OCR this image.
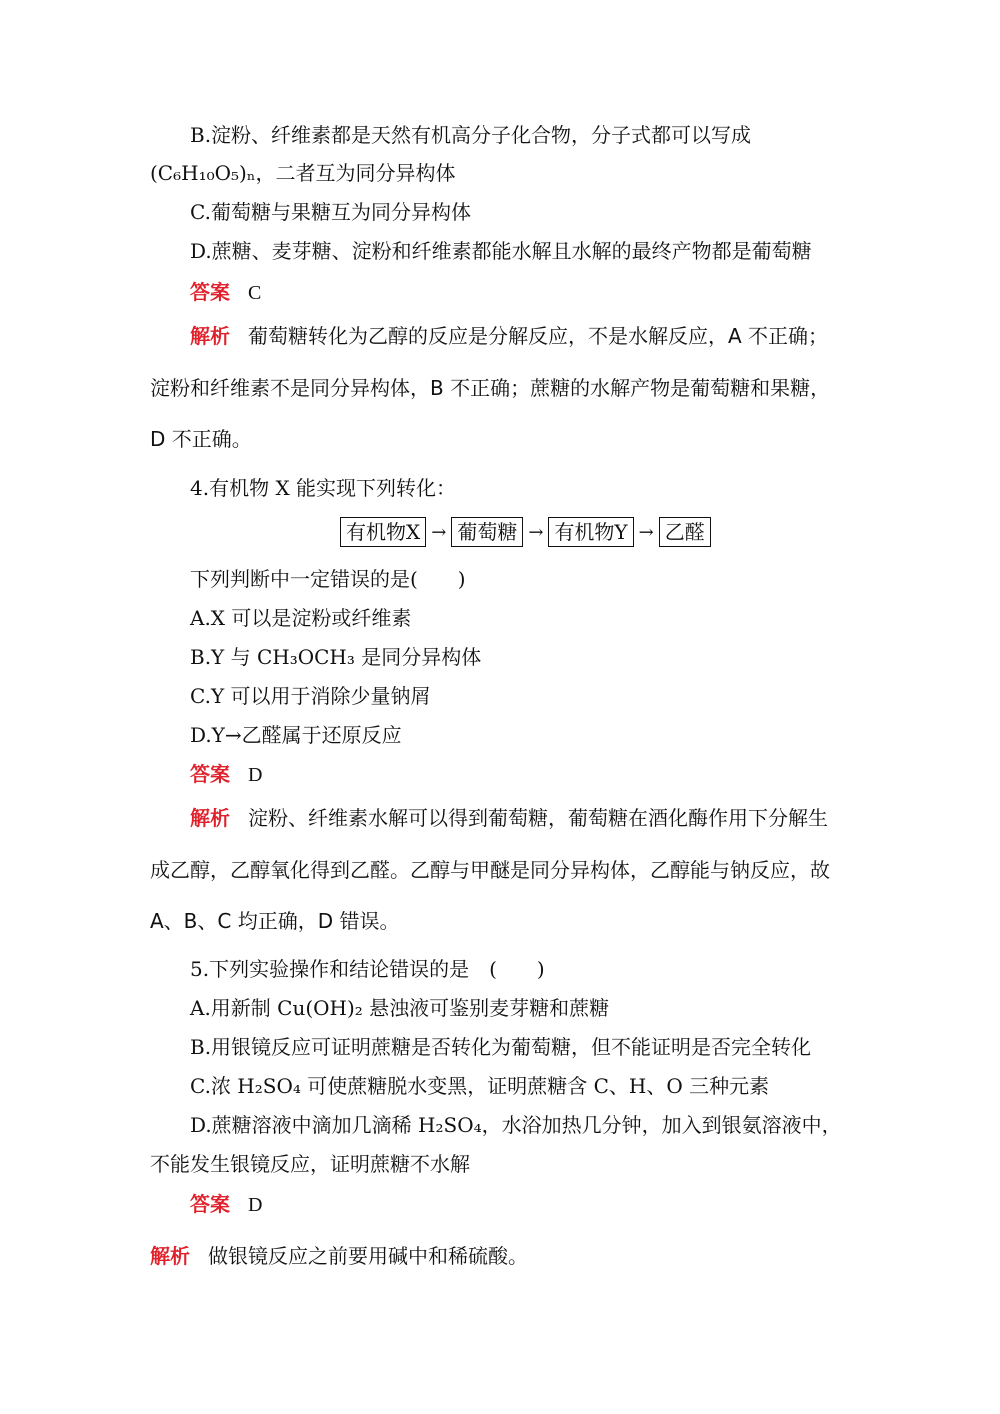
B.淀粉、纤维素都是天然有机高分子化合物，分子式都可以写成
(C₆H₁₀O₅)ₙ，二者互为同分异构体
C.葡萄糖与果糖互为同分异构体
D.蔗糖、麦芽糖、淀粉和纤维素都能水解且水解的最终产物都是葡萄糖
答案 C
解析 葡萄糖转化为乙醇的反应是分解反应，不是水解反应，A 不正确；
淀粉和纤维素不是同分异构体，B 不正确；蔗糖的水解产物是葡萄糖和果糖，
D 不正确。
4.有机物 X 能实现下列转化：
有机物X → 葡萄糖 → 有机物Y → 乙醛
下列判断中一定错误的是(　　)
A.X 可以是淀粉或纤维素
B.Y 与 CH₃OCH₃ 是同分异构体
C.Y 可以用于消除少量钠屑
D.Y→乙醛属于还原反应
答案 D
解析 淀粉、纤维素水解可以得到葡萄糖，葡萄糖在酒化酶作用下分解生
成乙醇，乙醇氧化得到乙醛。乙醇与甲醚是同分异构体，乙醇能与钠反应，故
A、B、C 均正确，D 错误。
5.下列实验操作和结论错误的是　(　　)
A.用新制 Cu(OH)₂ 悬浊液可鉴别麦芽糖和蔗糖
B.用银镜反应可证明蔗糖是否转化为葡萄糖，但不能证明是否完全转化
C.浓 H₂SO₄ 可使蔗糖脱水变黑，证明蔗糖含 C、H、O 三种元素
D.蔗糖溶液中滴加几滴稀 H₂SO₄，水浴加热几分钟，加入到银氨溶液中，
不能发生银镜反应，证明蔗糖不水解
答案 D
解析 做银镜反应之前要用碱中和稀硫酸。
